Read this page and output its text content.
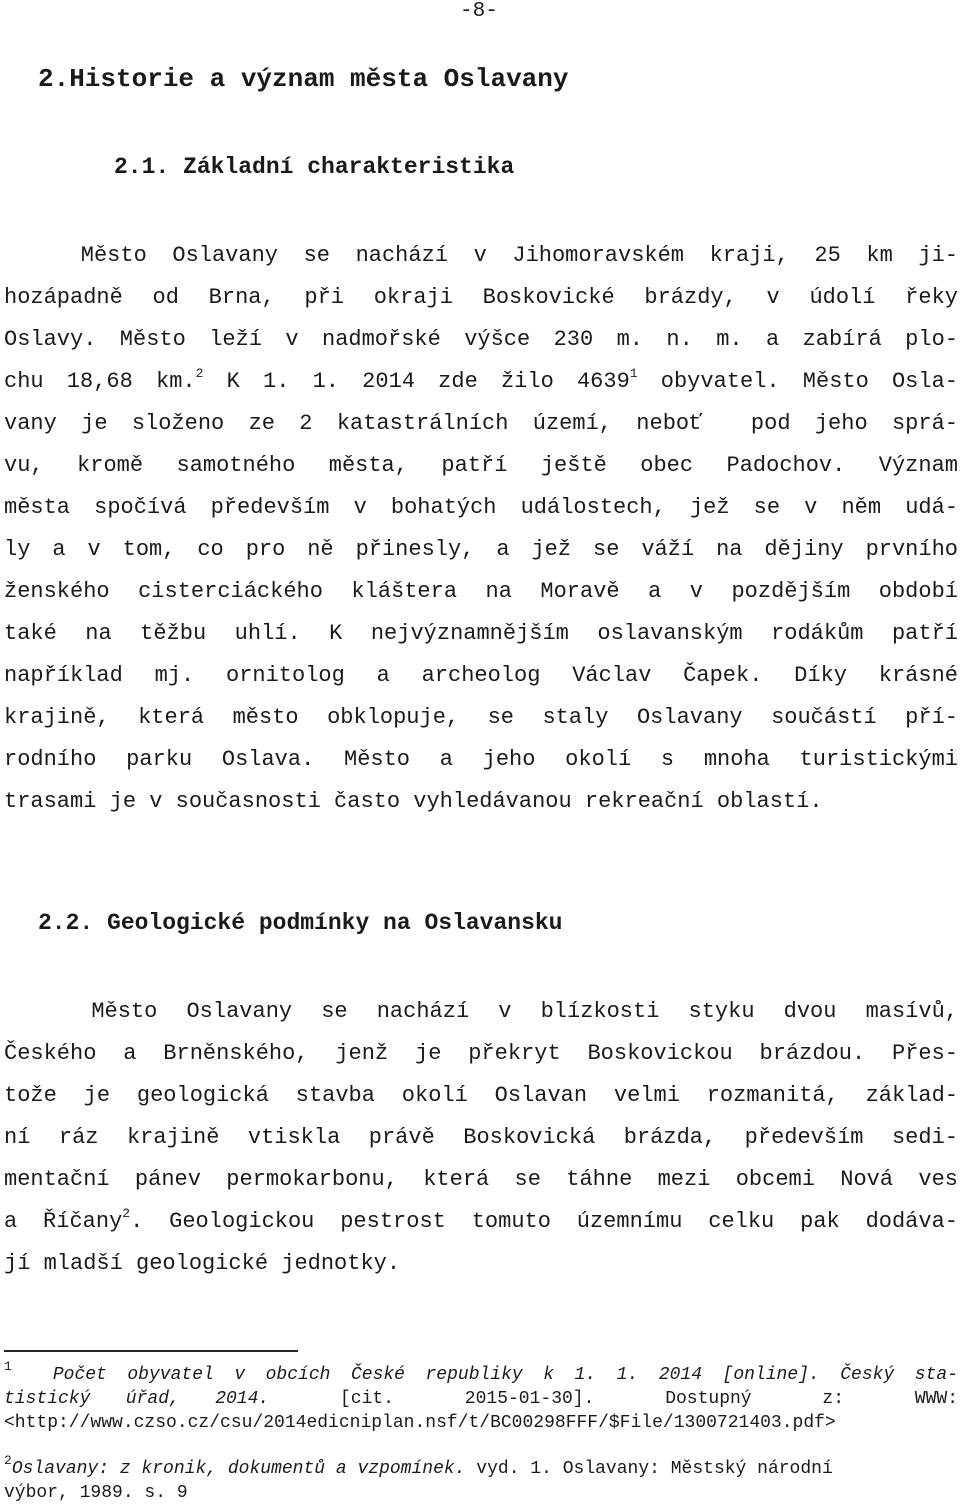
-8-
2.Historie a význam města Oslavany
2.1. Základní charakteristika
Město Oslavany se nachází v Jihomoravském kraji, 25 km ji-
hozápadně od Brna, při okraji Boskovické brázdy, v údolí řeky
Oslavy. Město leží v nadmořské výšce 230 m. n. m. a zabírá plo-
chu 18,68 km.$^2$ K 1. 1. 2014 zde žilo 4639$^1$ obyvatel. Město Osla-
vany je složeno ze 2 katastrálních území, neboť  pod jeho sprá-
vu, kromě samotného města, patří ještě obec Padochov. Význam
města spočívá především v bohatých událostech, jež se v něm udá-
ly a v tom, co pro ně přinesly, a jež se váží na dějiny prvního
ženského cisterciáckého kláštera na Moravě a v pozdějším období
také na těžbu uhlí. K nejvýznamnějším oslavanským rodákům patří
například mj. ornitolog a archeolog Václav Čapek. Díky krásné
krajině, která město obklopuje, se staly Oslavany součástí pří-
rodního parku Oslava. Město a jeho okolí s mnoha turistickými
trasami je v současnosti často vyhledávanou rekreační oblastí.
2.2. Geologické podmínky na Oslavansku
Město Oslavany se nachází v blízkosti styku dvou masívů,
Českého a Brněnského, jenž je překryt Boskovickou brázdou. Přes-
tože je geologická stavba okolí Oslavan velmi rozmanitá, základ-
ní ráz krajině vtiskla právě Boskovická brázda, především sedi-
mentační pánev permokarbonu, která se táhne mezi obcemi Nová ves
a Říčany$^2$. Geologickou pestrost tomuto územnímu celku pak dodáva-
jí mladší geologické jednotky.
$^1$  Počet obyvatel v obcích České republiky k 1. 1. 2014 [online]. Český sta-
tistický úřad, 2014.  [cit.  2015-01-30].  Dostupný  z:  WWW:
<http://www.czso.cz/csu/2014edicniplan.nsf/t/BC00298FFF/$File/1300721403.pdf>
$^2$Oslavany: z kronik, dokumentů a vzpomínek. vyd. 1. Oslavany: Městský národní
výbor, 1989. s. 9
